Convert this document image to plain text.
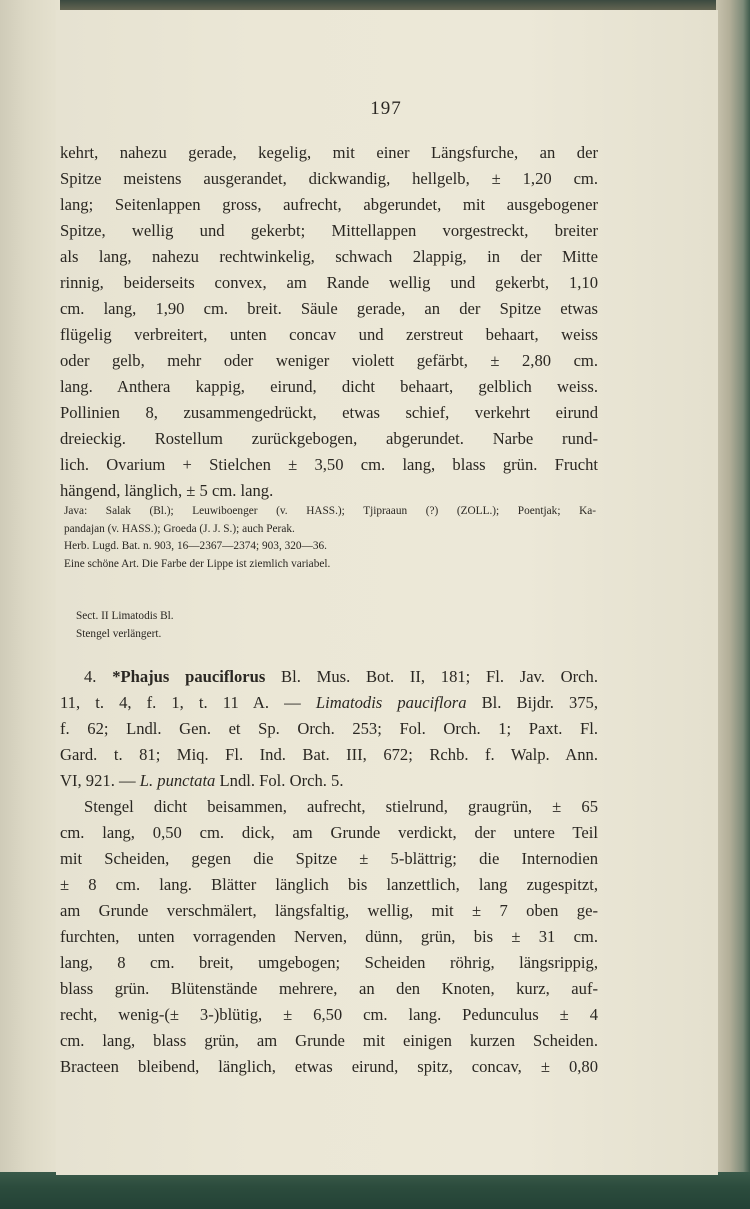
197
kehrt, nahezu gerade, kegelig, mit einer Längsfurche, an der
Spitze meistens ausgerandet, dickwandig, hellgelb, ± 1,20 cm.
lang; Seitenlappen gross, aufrecht, abgerundet, mit ausgebogener
Spitze, wellig und gekerbt; Mittellappen vorgestreckt, breiter
als lang, nahezu rechtwinkelig, schwach 2lappig, in der Mitte
rinnig, beiderseits convex, am Rande wellig und gekerbt, 1,10
cm. lang, 1,90 cm. breit. Säule gerade, an der Spitze etwas
flügelig verbreitert, unten concav und zerstreut behaart, weiss
oder gelb, mehr oder weniger violett gefärbt, ± 2,80 cm.
lang. Anthera kappig, eirund, dicht behaart, gelblich weiss.
Pollinien 8, zusammengedrückt, etwas schief, verkehrt eirund
dreieckig. Rostellum zurückgebogen, abgerundet. Narbe rund-
lich. Ovarium + Stielchen ± 3,50 cm. lang, blass grün. Frucht
hängend, länglich, ± 5 cm. lang.
Java: Salak (Bl.); Leuwiboenger (v. HASS.); Tjipraaun (?) (ZOLL.); Poentjak; Ka-
pandajan (v. HASS.); Groeda (J. J. S.); auch Perak.
Herb. Lugd. Bat. n. 903, 16—2367—2374; 903, 320—36.
Eine schöne Art. Die Farbe der Lippe ist ziemlich variabel.
Sect. II Limatodis Bl.
Stengel verlängert.
4. *Phajus pauciflorus Bl. Mus. Bot. II, 181; Fl. Jav. Orch.
11, t. 4, f. 1, t. 11 A. — Limatodis pauciflora Bl. Bijdr. 375,
f. 62; Lndl. Gen. et Sp. Orch. 253; Fol. Orch. 1; Paxt. Fl.
Gard. t. 81; Miq. Fl. Ind. Bat. III, 672; Rchb. f. Walp. Ann.
VI, 921. — L. punctata Lndl. Fol. Orch. 5.
Stengel dicht beisammen, aufrecht, stielrund, graugrün, ± 65
cm. lang, 0,50 cm. dick, am Grunde verdickt, der untere Teil
mit Scheiden, gegen die Spitze ± 5-blättrig; die Internodien
± 8 cm. lang. Blätter länglich bis lanzettlich, lang zugespitzt,
am Grunde verschmälert, längsfaltig, wellig, mit ± 7 oben ge-
furchten, unten vorragenden Nerven, dünn, grün, bis ± 31 cm.
lang, 8 cm. breit, umgebogen; Scheiden röhrig, längsrippig,
blass grün. Blütenstände mehrere, an den Knoten, kurz, auf-
recht, wenig-(± 3-)blütig, ± 6,50 cm. lang. Pedunculus ± 4
cm. lang, blass grün, am Grunde mit einigen kurzen Scheiden.
Bracteen bleibend, länglich, etwas eirund, spitz, concav, ± 0,80
